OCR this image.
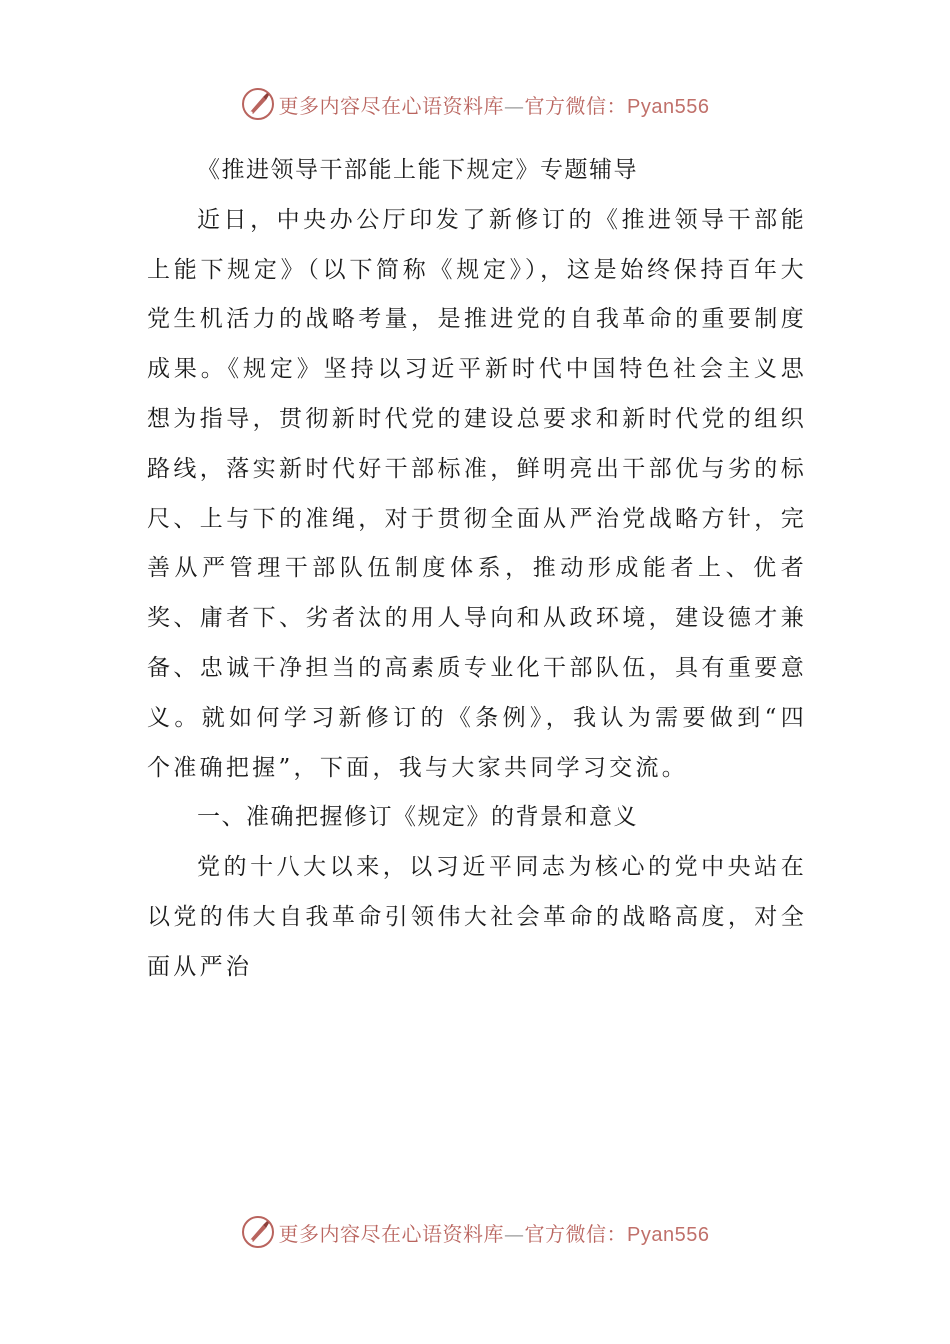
更多内容尽在心语资料库—官方微信：Pyan556

《推进领导干部能上能下规定》专题辅导

近日，中央办公厅印发了新修订的《推进领导干部能上能下规定》（以下简称《规定》），这是始终保持百年大党生机活力的战略考量，是推进党的自我革命的重要制度成果。《规定》坚持以习近平新时代中国特色社会主义思想为指导，贯彻新时代党的建设总要求和新时代党的组织路线，落实新时代好干部标准，鲜明亮出干部优与劣的标尺、上与下的准绳，对于贯彻全面从严治党战略方针，完善从严管理干部队伍制度体系，推动形成能者上、优者奖、庸者下、劣者汰的用人导向和从政环境，建设德才兼备、忠诚干净担当的高素质专业化干部队伍，具有重要意义。就如何学习新修订的《条例》，我认为需要做到“四个准确把握”，下面，我与大家共同学习交流。

一、准确把握修订《规定》的背景和意义

党的十八大以来，以习近平同志为核心的党中央站在以党的伟大自我革命引领伟大社会革命的战略高度，对全面从严治

更多内容尽在心语资料库—官方微信：Pyan556
